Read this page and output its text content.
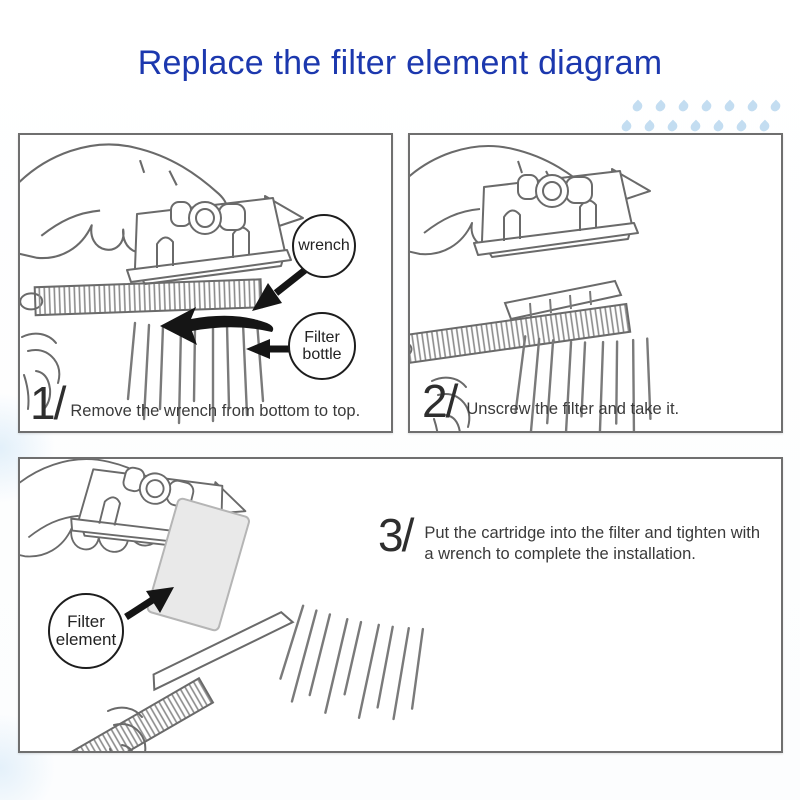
Replace the filter element diagram
wrench
Filter bottle
1/ Remove the wrench from bottom to top. 2/ Unscrew the filter and take it.
Filter element
3/ Put the cartridge into the filter and tighten with a wrench to complete the installation.
